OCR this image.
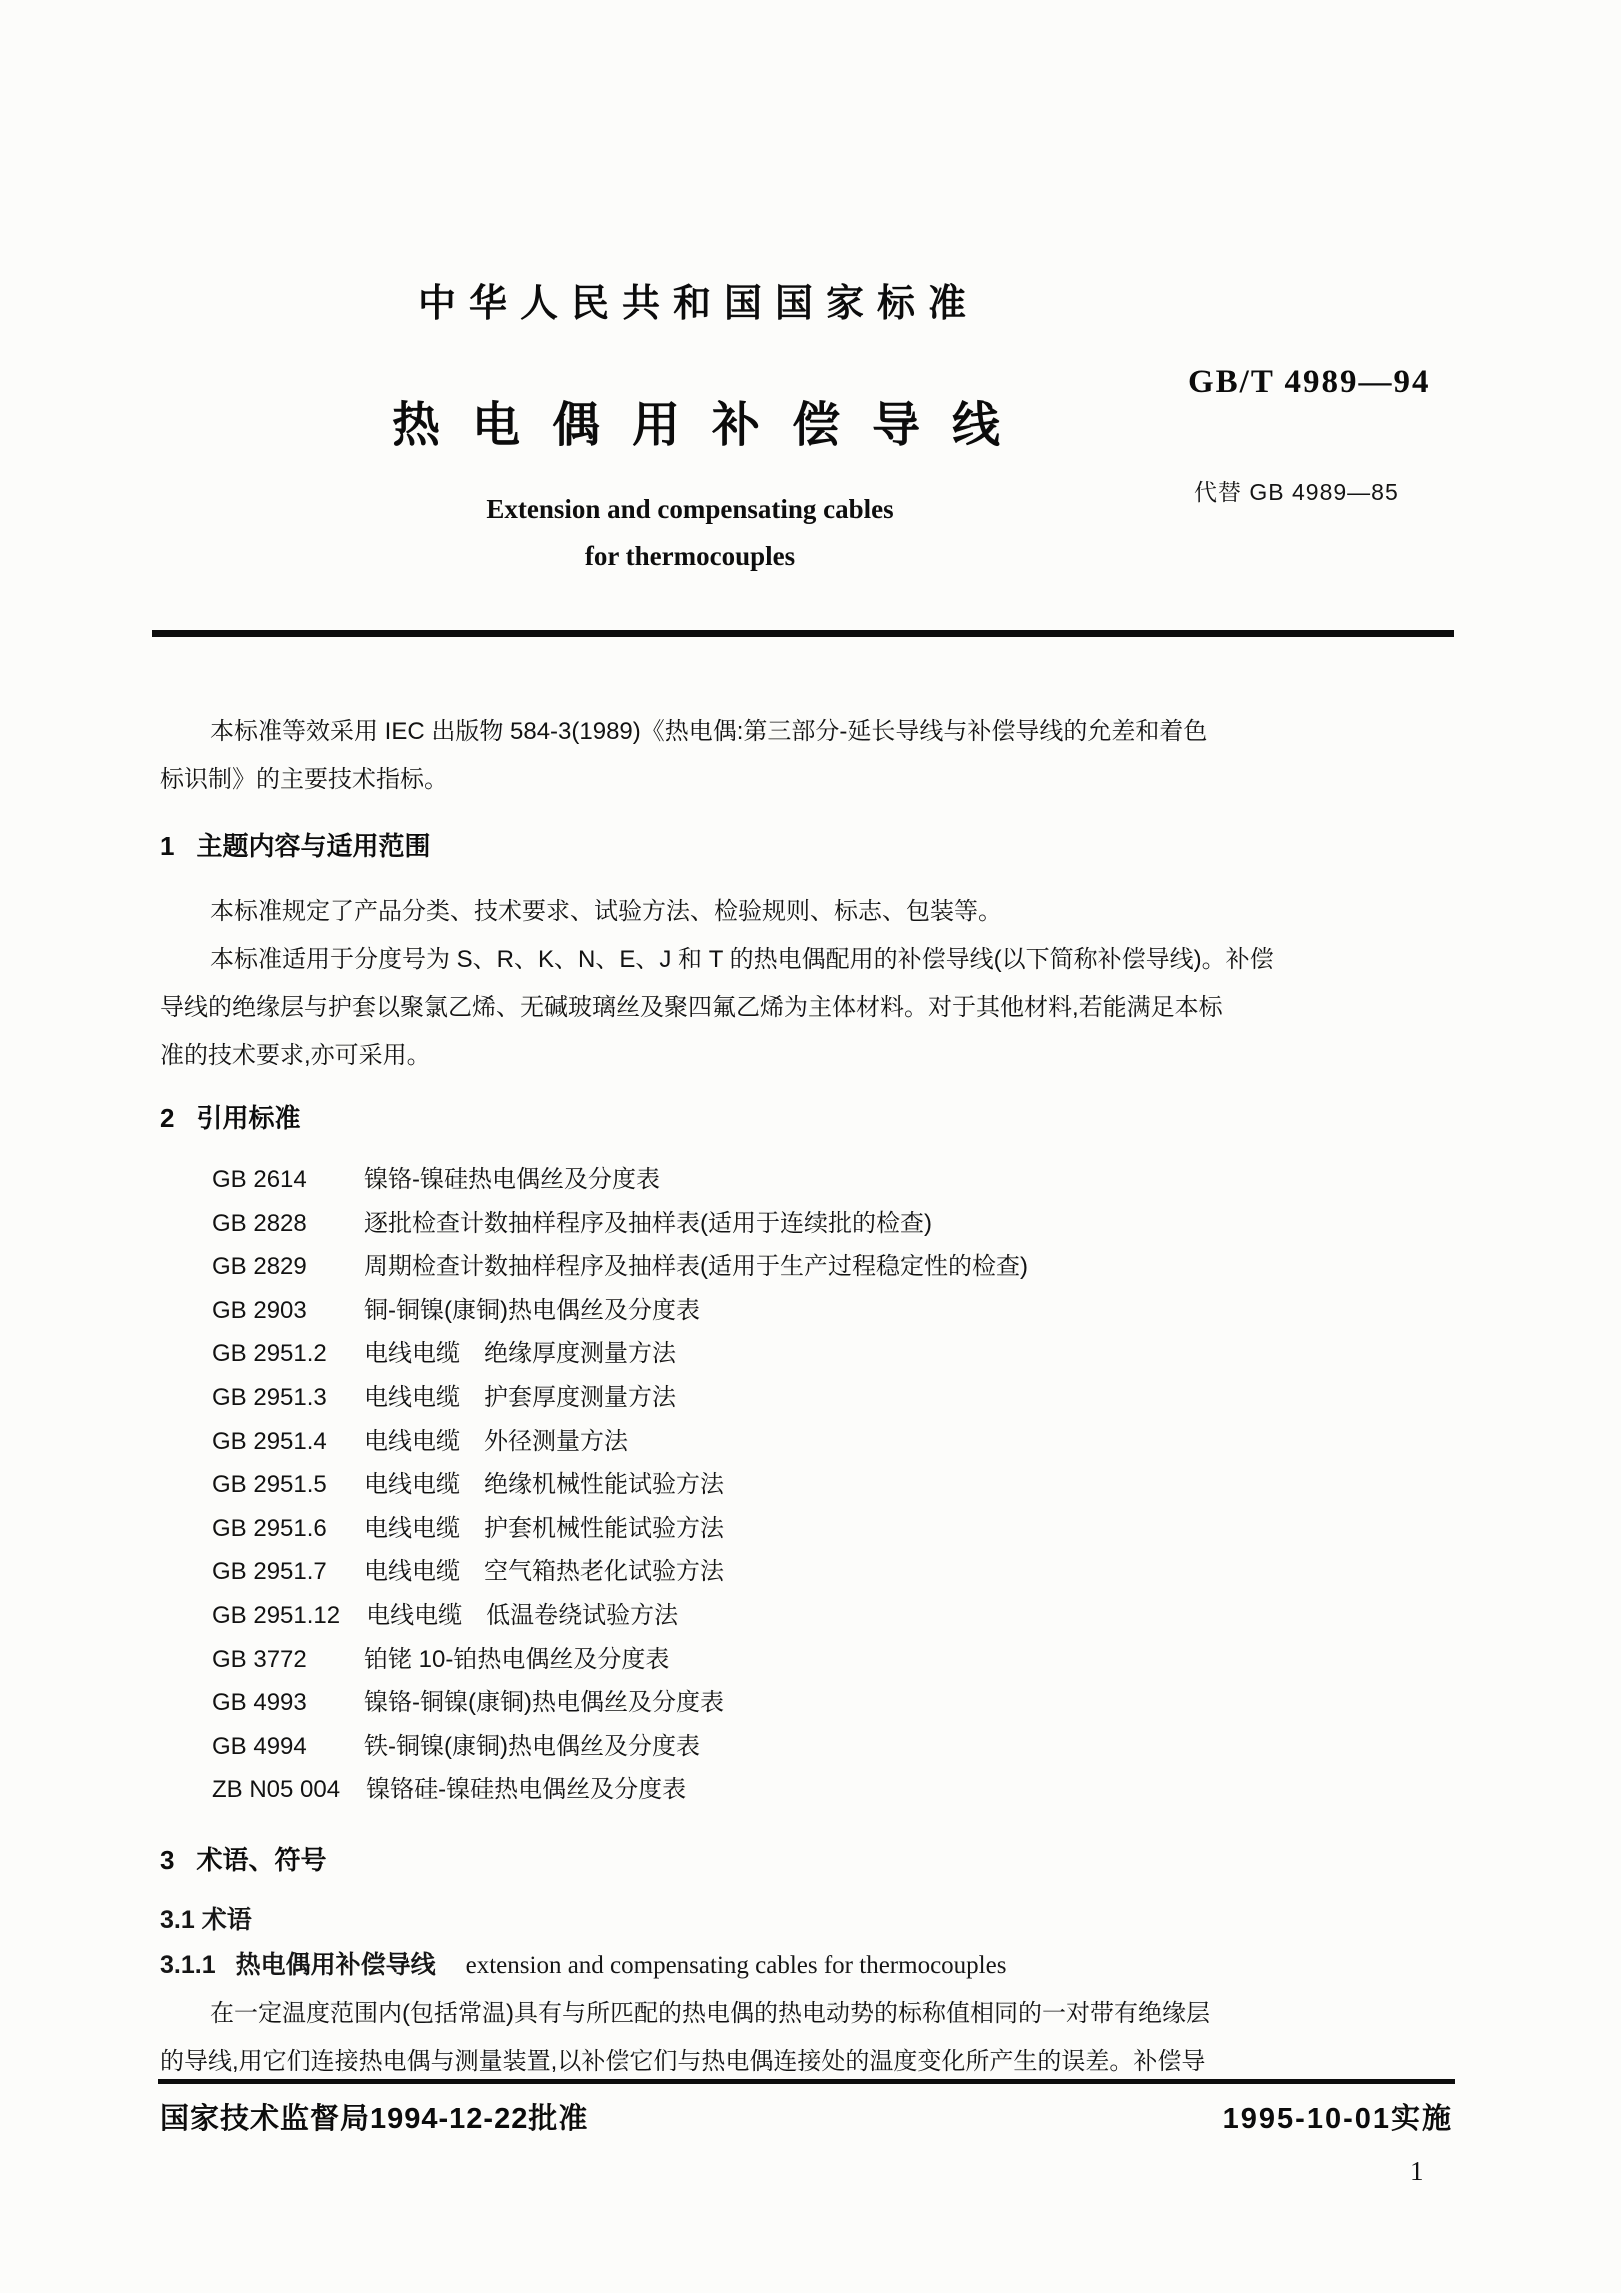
中华人民共和国国家标准
热电偶用补偿导线
GB/T 4989—94
代替 GB 4989—85
Extension and compensating cables
for thermocouples
本标准等效采用 IEC 出版物 584-3(1989)《热电偶:第三部分-延长导线与补偿导线的允差和着色
标识制》的主要技术指标。
1 主题内容与适用范围
本标准规定了产品分类、技术要求、试验方法、检验规则、标志、包装等。
本标准适用于分度号为 S、R、K、N、E、J 和 T 的热电偶配用的补偿导线(以下简称补偿导线)。补偿
导线的绝缘层与护套以聚氯乙烯、无碱玻璃丝及聚四氟乙烯为主体材料。对于其他材料,若能满足本标
准的技术要求,亦可采用。
2 引用标准
GB 2614 镍铬-镍硅热电偶丝及分度表
GB 2828 逐批检查计数抽样程序及抽样表(适用于连续批的检查)
GB 2829 周期检查计数抽样程序及抽样表(适用于生产过程稳定性的检查)
GB 2903 铜-铜镍(康铜)热电偶丝及分度表
GB 2951.2 电线电缆　绝缘厚度测量方法
GB 2951.3 电线电缆　护套厚度测量方法
GB 2951.4 电线电缆　外径测量方法
GB 2951.5 电线电缆　绝缘机械性能试验方法
GB 2951.6 电线电缆　护套机械性能试验方法
GB 2951.7 电线电缆　空气箱热老化试验方法
GB 2951.12 电线电缆　低温卷绕试验方法
GB 3772 铂铑 10-铂热电偶丝及分度表
GB 4993 镍铬-铜镍(康铜)热电偶丝及分度表
GB 4994 铁-铜镍(康铜)热电偶丝及分度表
ZB N05 004 镍铬硅-镍硅热电偶丝及分度表
3 术语、符号
3.1 术语
3.1.1 热电偶用补偿导线 extension and compensating cables for thermocouples
在一定温度范围内(包括常温)具有与所匹配的热电偶的热电动势的标称值相同的一对带有绝缘层
的导线,用它们连接热电偶与测量装置,以补偿它们与热电偶连接处的温度变化所产生的误差。补偿导
国家技术监督局1994-12-22批准	1995-10-01实施
1
